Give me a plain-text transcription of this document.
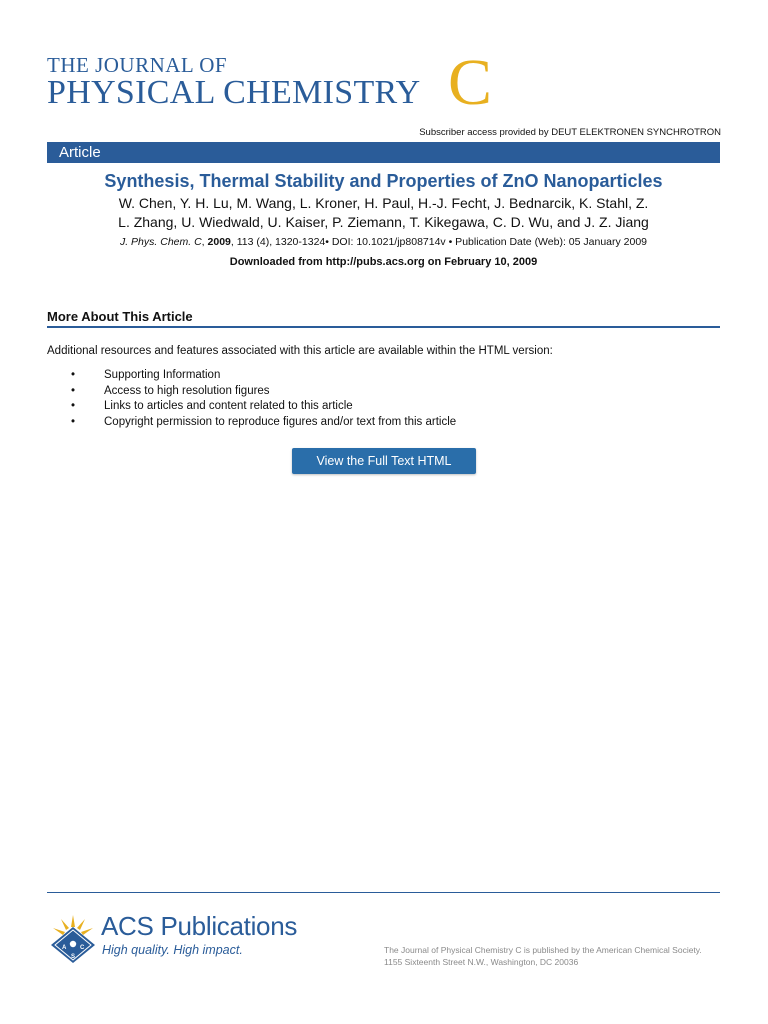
THE JOURNAL OF
PHYSICAL CHEMISTRY C
Subscriber access provided by DEUT ELEKTRONEN SYNCHROTRON
Article
Synthesis, Thermal Stability and Properties of ZnO Nanoparticles
W. Chen, Y. H. Lu, M. Wang, L. Kroner, H. Paul, H.-J. Fecht, J. Bednarcik, K. Stahl, Z.
L. Zhang, U. Wiedwald, U. Kaiser, P. Ziemann, T. Kikegawa, C. D. Wu, and J. Z. Jiang
J. Phys. Chem. C, 2009, 113 (4), 1320-1324• DOI: 10.1021/jp808714v • Publication Date (Web): 05 January 2009
Downloaded from http://pubs.acs.org on February 10, 2009
More About This Article
Additional resources and features associated with this article are available within the HTML version:
•	Supporting Information
•	Access to high resolution figures
•	Links to articles and content related to this article
•	Copyright permission to reproduce figures and/or text from this article
View the Full Text HTML
A C
S
ACS Publications
High quality. High impact.	The Journal of Physical Chemistry C is published by the American Chemical Society. 1155 Sixteenth Street N.W., Washington, DC 20036
